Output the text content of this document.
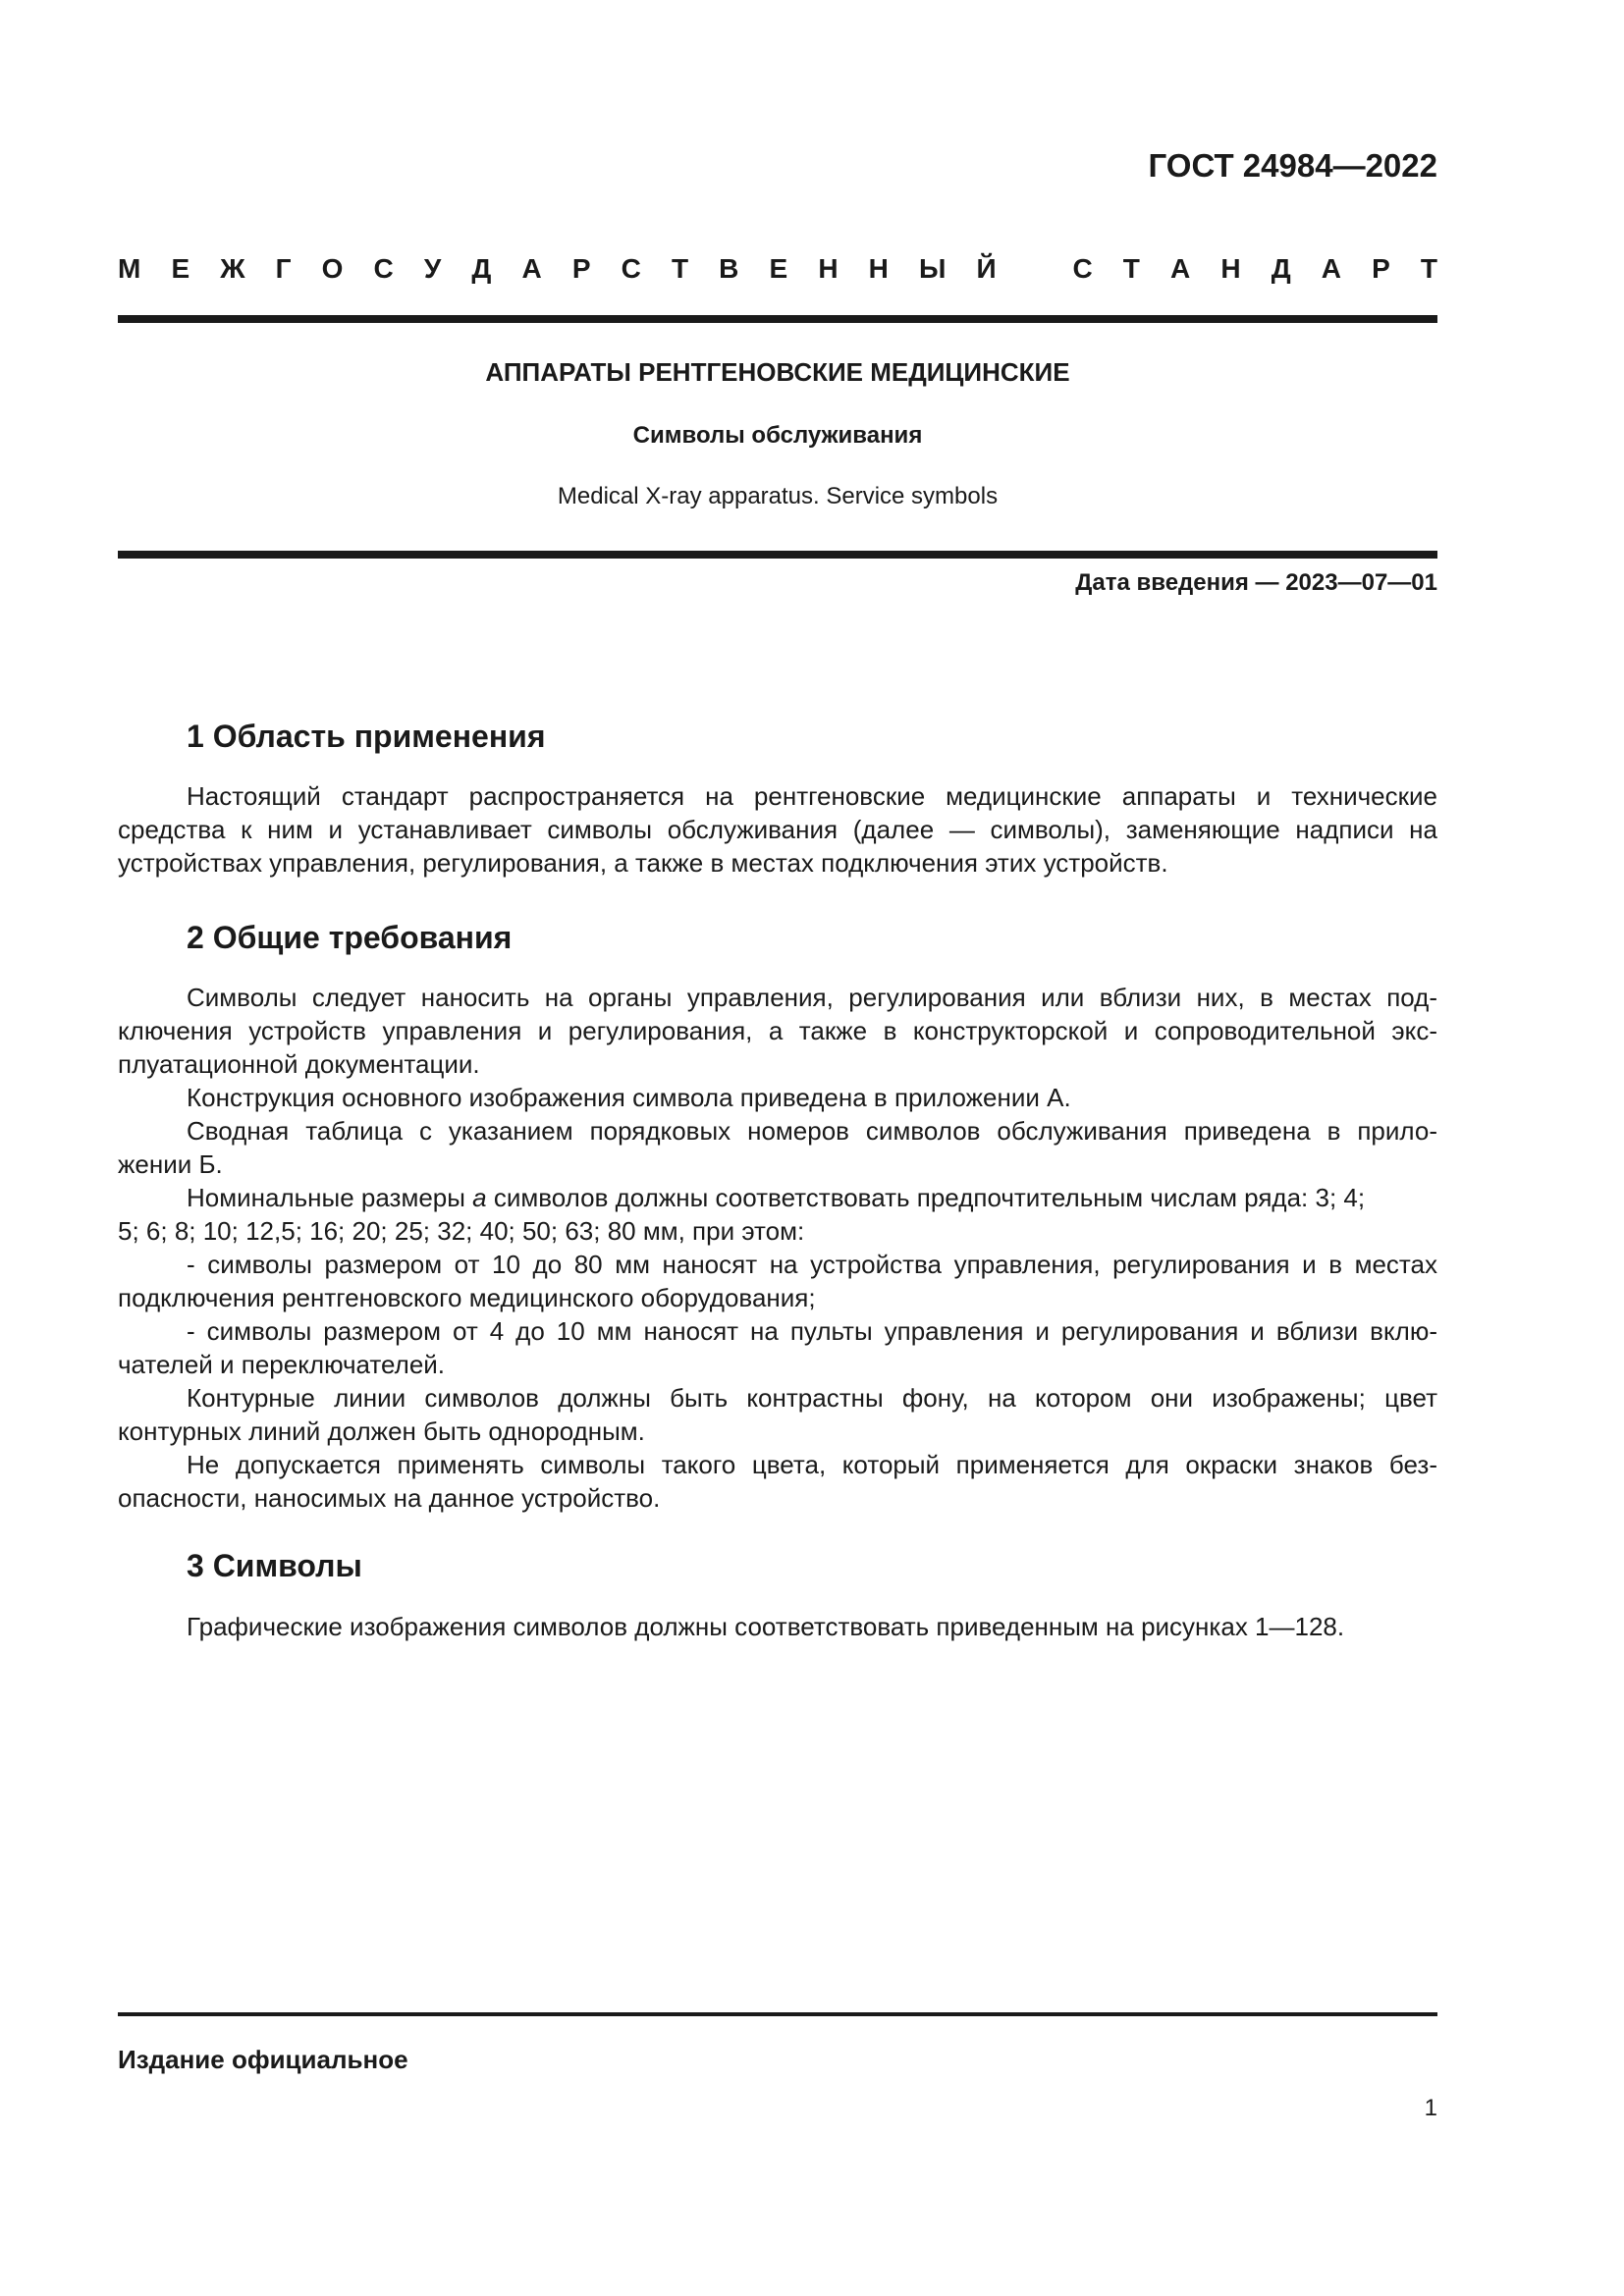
ГОСТ 24984—2022
М Е Ж Г О С У Д А Р С Т В Е Н Н Ы Й
	С Т А Н Д А Р Т
АППАРАТЫ РЕНТГЕНОВСКИЕ МЕДИЦИНСКИЕ
Символы обслуживания
Medical X-ray apparatus. Service symbols
Дата введения — 2023—07—01
1 Область применения
Настоящий стандарт распространяется на рентгеновские медицинские аппараты и технические
средства к ним и устанавливает символы обслуживания (далее — символы), заменяющие надписи на
устройствах управления, регулирования, а также в местах подключения этих устройств.
2 Общие требования
Символы следует наносить на органы управления, регулирования или вблизи них, в местах под-
ключения устройств управления и регулирования, а также в конструкторской и сопроводительной экс-
плуатационной документации.
Конструкция основного изображения символа приведена в приложении А.
Сводная таблица с указанием порядковых номеров символов обслуживания приведена в прило-
жении Б.
Номинальные размеры а символов должны соответствовать предпочтительным числам ряда: 3; 4;
5; 6; 8; 10; 12,5; 16; 20; 25; 32; 40; 50; 63; 80 мм, при этом:
- символы размером от 10 до 80 мм наносят на устройства управления, регулирования и в местах
подключения рентгеновского медицинского оборудования;
- символы размером от 4 до 10 мм наносят на пульты управления и регулирования и вблизи вклю-
чателей и переключателей.
Контурные линии символов должны быть контрастны фону, на котором они изображены; цвет
контурных линий должен быть однородным.
Не допускается применять символы такого цвета, который применяется для окраски знаков без-
опасности, наносимых на данное устройство.
3 Символы
Графические изображения символов должны соответствовать приведенным на рисунках 1—128.
Издание официальное
1
